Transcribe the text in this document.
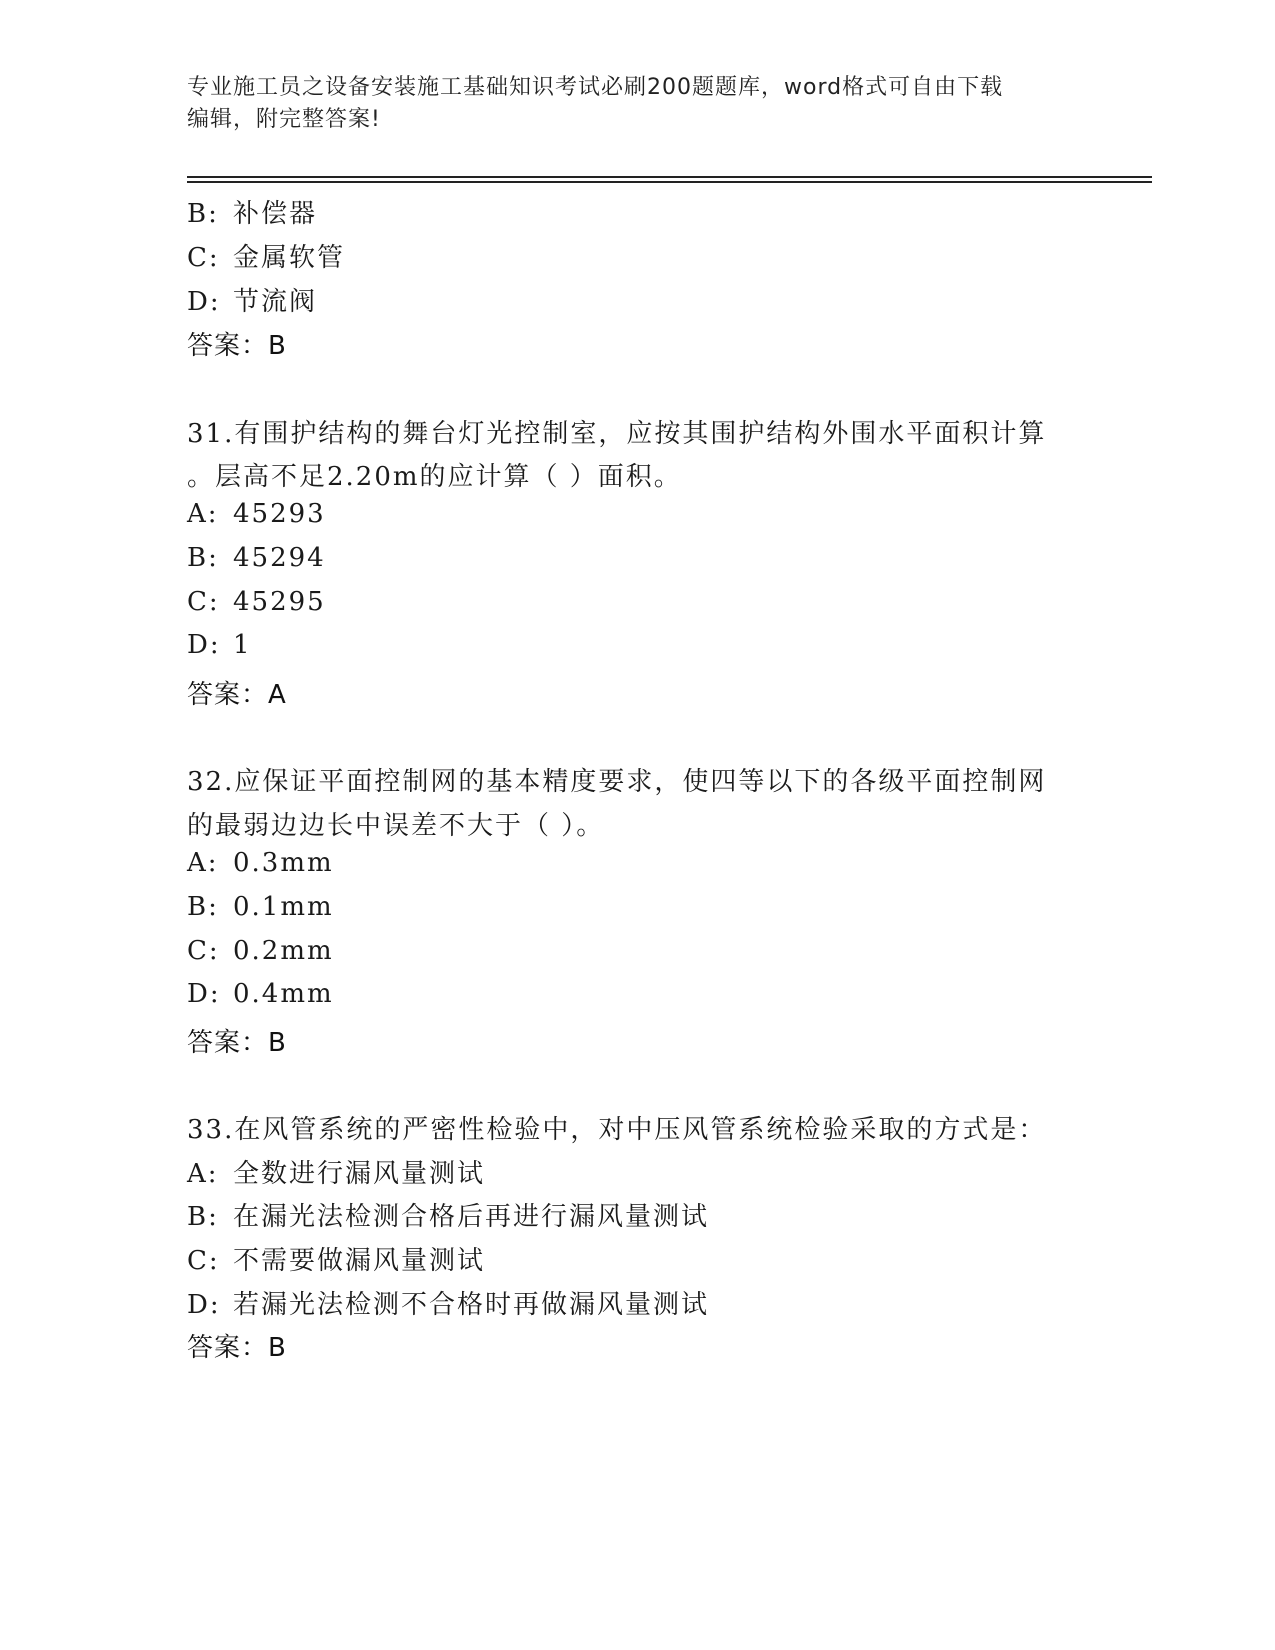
专业施工员之设备安装施工基础知识考试必刷200题题库，word格式可自由下载
编辑，附完整答案!
B: 补偿器
C: 金属软管
D: 节流阀
答案：B
31.有围护结构的舞台灯光控制室，应按其围护结构外围水平面积计算
。层高不足2.20m的应计算（ ）面积。
A: 45293
B: 45294
C: 45295
D: 1
答案：A
32.应保证平面控制网的基本精度要求，使四等以下的各级平面控制网
的最弱边边长中误差不大于（ ）。
A: 0.3mm
B: 0.1mm
C: 0.2mm
D: 0.4mm
答案：B
33.在风管系统的严密性检验中，对中压风管系统检验采取的方式是：
A: 全数进行漏风量测试
B: 在漏光法检测合格后再进行漏风量测试
C: 不需要做漏风量测试
D: 若漏光法检测不合格时再做漏风量测试
答案：B
